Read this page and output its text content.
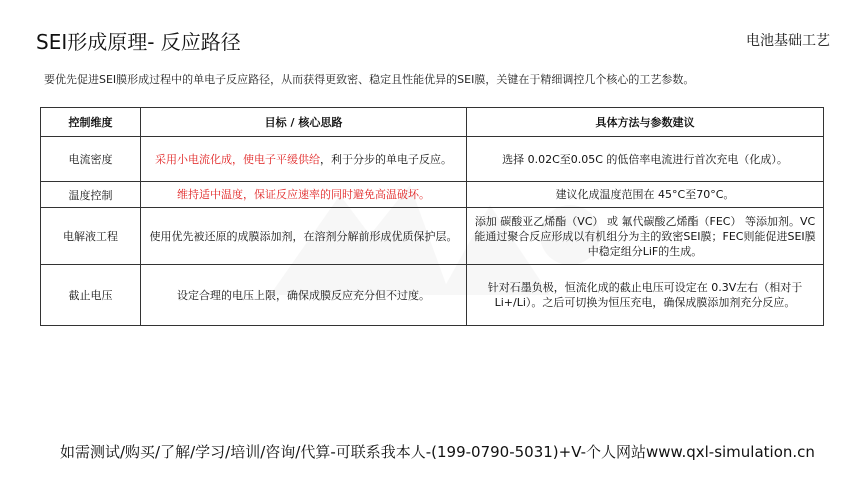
SEI形成原理- 反应路径	电池基础工艺
要优先促进SEI膜形成过程中的单电子反应路径，从而获得更致密、稳定且性能优异的SEI膜，关键在于精细调控几个核心的工艺参数。
控制维度	目标 / 核心思路	具体方法与参数建议
电流密度	采用小电流化成，使电子平缓供给，利于分步的单电子反应。	选择 0.02C至0.05C 的低倍率电流进行首次充电（化成）。
温度控制	维持适中温度，保证反应速率的同时避免高温破坏。	建议化成温度范围在 45°C至70°C。
电解液工程	使用优先被还原的成膜添加剂，在溶剂分解前形成优质保护层。	添加 碳酸亚乙烯酯（VC） 或 氟代碳酸乙烯酯（FEC） 等添加剂。VC能通过聚合反应形成以有机组分为主的致密SEI膜；FEC则能促进SEI膜中稳定组分LiF的生成。
截止电压	设定合理的电压上限，确保成膜反应充分但不过度。	针对石墨负极，恒流化成的截止电压可设定在 0.3V左右（相对于Li+/Li）。之后可切换为恒压充电，确保成膜添加剂充分反应。
如需测试/购买/了解/学习/培训/咨询/代算-可联系我本人-(199-0790-5031)+V-个人网站www.qxl-simulation.cn
